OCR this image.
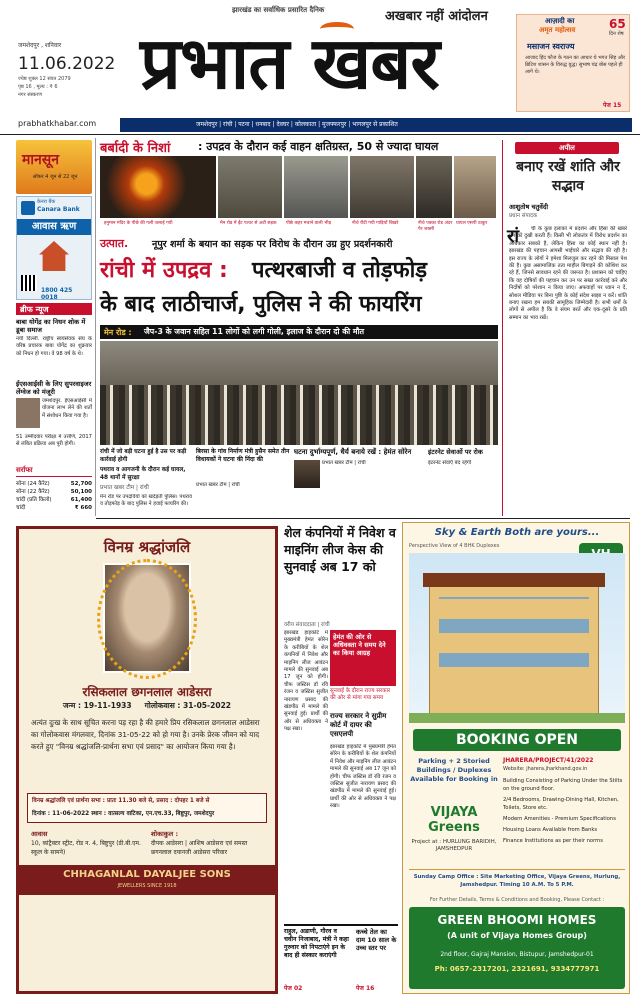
झारखंड का सर्वाधिक प्रसारित दैनिक
प्रभात खबर
अखबार नहीं आंदोलन
जमशेदपुर , शनिवार
11.06.2022
ज्येष्ठ शुक्ल 12 संवत 2079
पृष्ठ 16 , मूल्य : ₹ 6
नगर संस्करण
आज़ादी का
अमृत महोत्सव	65
दिन शेष
मसाजन स्वराज्य
आजाद हिंद फौज के गठन का आधार थे भगत सिंह और ब्रिटिश शासन के विरुद्ध युद्ध। सुभाष चंद्र बोस पहले ही आगे थे।
पेज 15
prabhatkhabar.com	जमशेदपुर | रांची | पटना | धनबाद | देवघर | कोलकाता | मुजफ्फरपुर | भागलपुर से प्रकाशित
मानसून
ऑफर 4 जून से 22 जून
Canara Bank
केनरा बैंक
आवास ऋण
1800 425 0018
ब्रीफ न्यूज
बाबा योगेंद्र का निधन शोक में डूबा समाज
नयी दिल्ली. राष्ट्रीय स्वयंसेवक संघ के वरिष्ठ प्रचारक बाबा योगेंद्र का शुक्रवार को निधन हो गया। वे 98 वर्ष के थे।
ईएसआईसी के लिए सुपरवाइजर लेंग्वेज को मंजूरी
जमशेदपुर. ईएसआईसी में योजना लाभ लेने की शर्तों में संशोधन किया गया है।
51 उम्मीदवार परीक्षा में उत्तीर्ण, 2017 से लंबित प्रक्रिया अब पूरी होगी।
सर्राफा
सोना (24 कैरेट)	52,700
सोना (22 कैरेट)	50,100
चांदी (प्रति किलो)	61,400
चांदी	₹ 660
बर्बादी के निशां	: उपद्रव के दौरान कई वाहन क्षतिग्रस्त, 50 से ज्यादा घायल
हनुमान मंदिर के पीछे की गली जलाई गयी	मैन रोड में ईंट पत्थर से अटी सड़क	पीछे कहर मचाने वाली भीड़	नीचे रौंदी गयी गाड़ियाँ बिखरे	नीचे पक्का रोड अंदर पैर जख्मी
घायल एसपी ठाकुर
अपील
बनाए रखें शांति और सद्भाव
आशुतोष चतुर्वेदी
प्रधान संपादक
रां	ची के कुछ इलाकों में प्रदर्शन और हिंसा की खबरें मन को दुखी करती हैं। किसी भी लोकतंत्र में विरोध प्रदर्शन का अधिकार सबको है, लेकिन हिंसा का कोई स्थान नहीं है। झारखंड की पहचान आपसी भाईचारे और सद्भाव की रही है। इस राज्य के लोगों ने हमेशा मिलजुल कर रहने की मिसाल पेश की है। कुछ असामाजिक तत्व माहौल बिगाड़ने की कोशिश कर रहे हैं, जिनसे सावधान रहने की जरूरत है। प्रशासन को चाहिए कि वह दोषियों की पहचान कर उन पर सख्त कार्रवाई करे और निर्दोषों को परेशान न किया जाए। अफवाहों पर ध्यान न दें, सोशल मीडिया पर बिना पुष्टि के कोई संदेश साझा न करें। शांति बनाए रखना हम सबकी सामूहिक जिम्मेदारी है। सभी धर्मों के लोगों से अपील है कि वे संयम बरतें और एक-दूसरे के प्रति सम्मान का भाव रखें।
उत्पात. नूपुर शर्मा के बयान का सड़क पर विरोध के दौरान उग्र हुए प्रदर्शनकारी
रांची में उपद्रव : पत्थरबाजी व तोड़फोड़
के बाद लाठीचार्ज, पुलिस ने की फायरिंग
मेन रोड : जैप-3 के जवान सहित 11 लोगों को लगी गोली, इलाज के दौरान दो की मौत
रांची में जो बड़ी घटना हुई है उस पर कड़ी कार्रवाई होगी
पथराव व आगजनी के दौरान कई घायल, 48 थानों में सुरक्षा
प्रभात खबर टीम | रांची
मेन रोड पर उपद्रवियों को खदेड़ती पुलिस। पथराव व तोड़फोड़ के बाद पुलिस ने हवाई फायरिंग की।
बिरसा के गांव निर्माण मंत्री हुसैन समेत तीन विधायकों ने घटना की निंदा की
प्रभात खबर टीम | रांची
घटना दुर्भाग्यपूर्ण, धैर्य बनाये रखें : हेमंत सोरेन
प्रभात खबर टीम | रांची
इंटरनेट सेवाओं पर रोक
इंटरनेट सेवाएँ बंद रहेंगी
विनम्र श्रद्धांजलि
रसिकलाल छगनलाल आडेसरा
जन्म : 19-11-1933     गोलोकवास : 31-05-2022
अत्यंत दुःख के साथ सूचित करना पड़ रहा है की हमारे प्रिय रसिकलाल छगनलाल आडेसरा का गोलोकवास मंगलवार, दिनांक 31-05-22 को हो गया है। उनके प्रेरक जीवन को याद करते हुए "विनम्र श्रद्धांजलि-प्रार्थना सभा एवं प्रसाद" का आयोजन किया गया है।
विनम्र श्रद्धांजलि एवं प्रार्थना सभा : प्रातः 11.30 बजे से, प्रसाद : दोपहर 1 बजे से
दिनांक : 11-06-2022 स्थान : वात्सल्य वाटिका, एन.एच.33, बिष्टुपुर, जमशेदपुर
आवास
10, कांट्रैक्टर स्ट्रीट, रोड न. 4, बिष्टुपुर (डी.बी.एम. स्कूल के सामने)
शोकाकुल :
दीपक आडेसरा | आशिष आडेसरा एवं समस्त छगनलाल दयानजी आडेसरा परिवार
CHHAGANLAL DAYALJEE SONS
JEWELLERS SINCE 1918
शेल कंपनियों में निवेश व माइनिंग लीज केस की सुनवाई अब 17 को
वरीय संवाददाता | रांची
हेमंत की ओर से अधिवक्ता ने समय देने का किया आग्रह
सुनवाई के दौरान राज्य सरकार की ओर से मांगा गया समय
झारखंड हाइकोर्ट में मुख्यमंत्री हेमंत सोरेन के करीबियों के शेल कंपनियों में निवेश और माइनिंग लीज आवंटन मामले की सुनवाई अब 17 जून को होगी। चीफ जस्टिस डॉ रवि रंजन व जस्टिस सुजीत नारायण प्रसाद की खंडपीठ में मामले की सुनवाई हुई। प्रार्थी की ओर से अधिवक्ता ने पक्ष रखा।
राज्य सरकार ने सुप्रीम कोर्ट में दायर की एसएलपी
झारखंड हाइकोर्ट में मुख्यमंत्री हेमंत सोरेन के करीबियों के शेल कंपनियों में निवेश और माइनिंग लीज आवंटन मामले की सुनवाई अब 17 जून को होगी। चीफ जस्टिस डॉ रवि रंजन व जस्टिस सुजीत नारायण प्रसाद की खंडपीठ में मामले की सुनवाई हुई। प्रार्थी की ओर से अधिवक्ता ने पक्ष रखा।
राहुल, अडाणी, गौरव व चवीन निजाबाद, मंत्री ने कहा गुरुवार को निपटाएंगे इन के बाद ही संस्कार कराएंगी
पेज 02
कच्चे तेल का दाम 10 साल के उच्च स्तर पर
पेज 16
Sky & Earth Both are yours...
Perspective View of 4 BHK Duplexes
BOOKING OPEN
Parking + 2 Storied Buildings / Duplexes Available for Booking in
VIJAYA Greens
Project at : HURLUNG BARIDIH, JAMSHEDPUR
JHARERA/PROJECT/41/2022
Website: jharera.jharkhand.gov.in
Building Consisting of Parking Under the Stilts on the ground floor.
2/4 Bedrooms, Drawing-Dining Hall, Kitchen, Toilets, Store etc.
Modern Amenities - Premium Specifications
Housing Loans Available from Banks
Finance Institutions as per their norms
Sunday Camp Office : Site Marketing Office, Vijaya Greens, Hurlung, Jamshedpur. Timing 10 A.M. To 5 P.M.
For Further Details, Terms & Conditions and Booking, Please Contact :
GREEN BHOOMI HOMES
(A unit of Vijaya Homes Group)
2nd floor, Gajraj Mansion, Bistupur, Jamshedpur-01
Ph: 0657-2317201, 2321691, 9334777971
